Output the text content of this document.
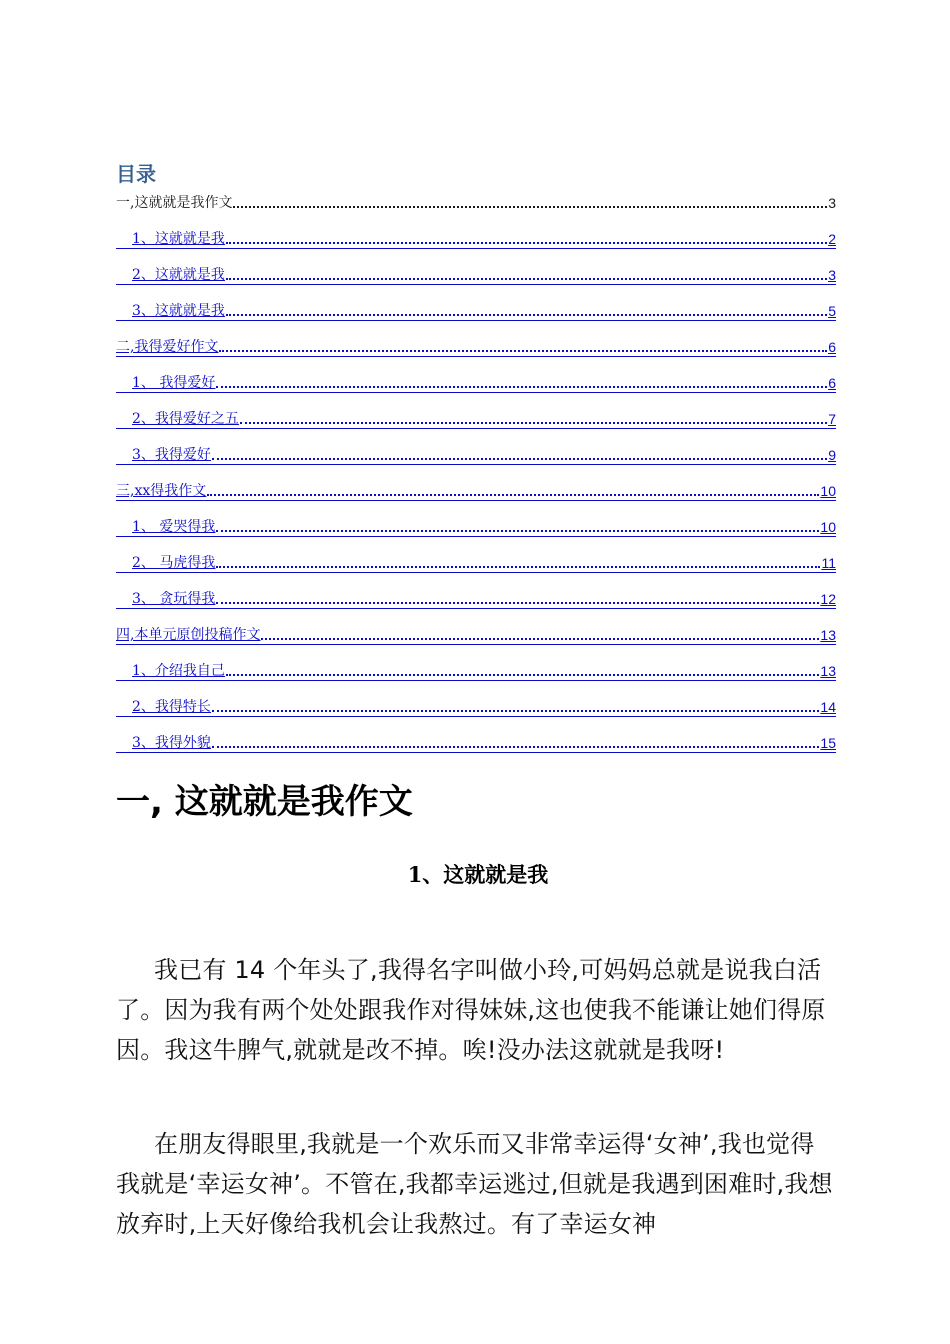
目录
一,这就就是我作文	3
1、这就就是我	2
2、这就就是我	3
3、这就就是我	5
二,我得爱好作文	6
1、 我得爱好	6
2、我得爱好之五	7
3、我得爱好	9
三,xx得我作文	10
1、 爱哭得我	10
2、 马虎得我	11
3、 贪玩得我	12
四,本单元原创投稿作文	13
1、介绍我自己	13
2、我得特长	14
3、我得外貌	15
一, 这就就是我作文
1、这就就是我

我已有 14 个年头了,我得名字叫做小玲,可妈妈总就是说我白活了。因为我有两个处处跟我作对得妹妹,这也使我不能谦让她们得原因。我这牛脾气,就就是改不掉。唉!没办法这就就是我呀!

在朋友得眼里,我就是一个欢乐而又非常幸运得‘女神’,我也觉得我就是‘幸运女神’。不管在,我都幸运逃过,但就是我遇到困难时,我想放弃时,上天好像给我机会让我熬过。有了幸运女神
